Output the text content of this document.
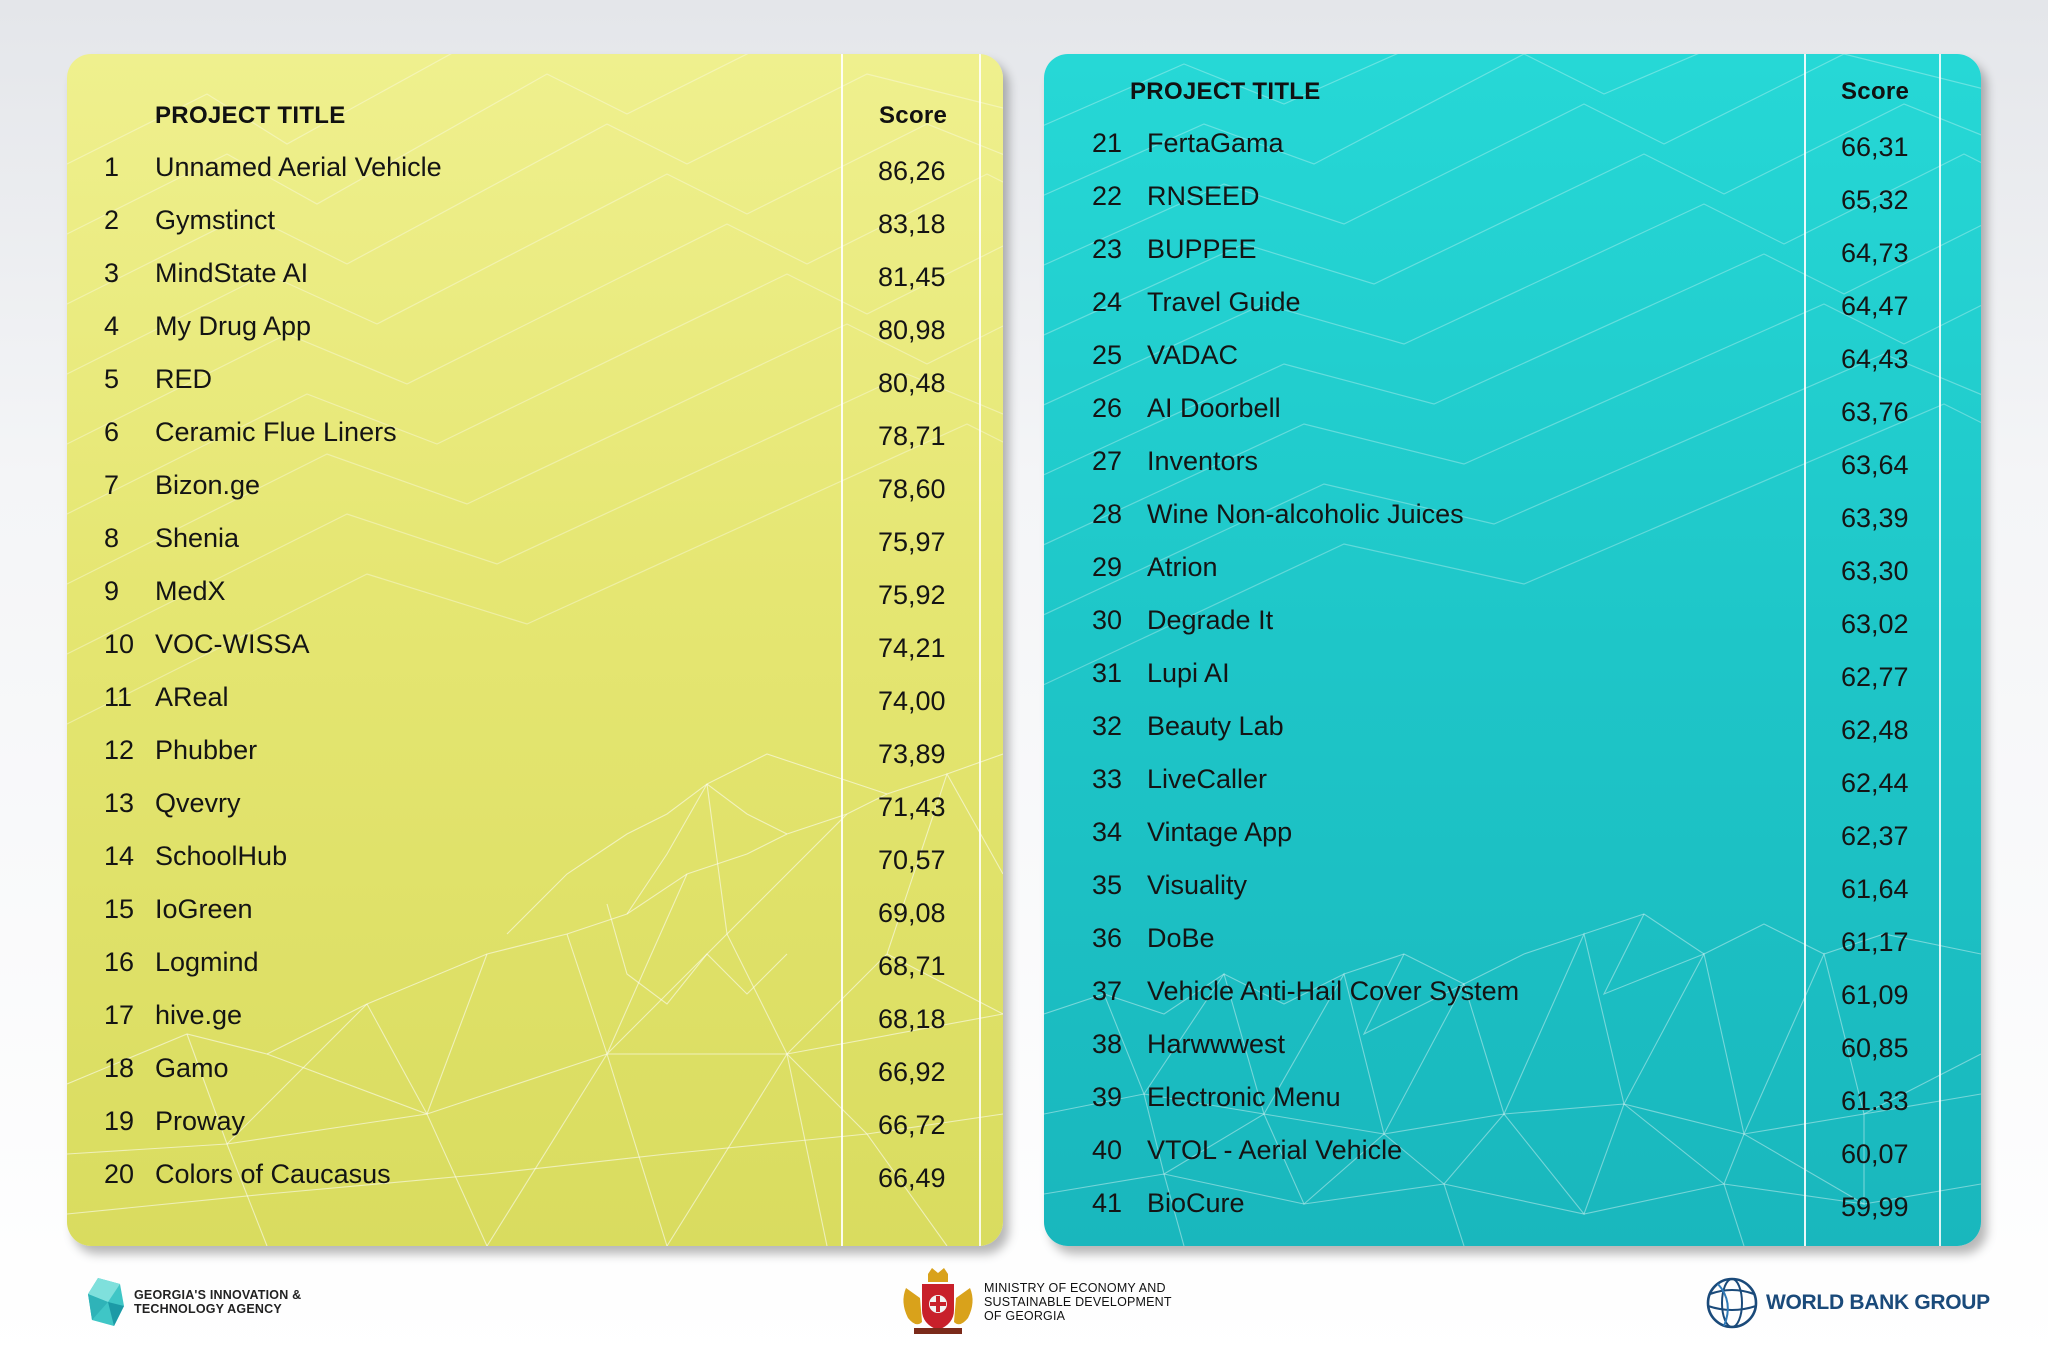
PROJECT TITLE	Score
1 Unnamed Aerial Vehicle	86,26
2 Gymstinct	83,18
3 MindState AI	81,45
4 My Drug App	80,98
5 RED	80,48
6 Ceramic Flue Liners	78,71
7 Bizon.ge	78,60
8 Shenia	75,97
9 MedX	75,92
10 VOC-WISSA	74,21
11 AReal	74,00
12 Phubber	73,89
13 Qvevry	71,43
14 SchoolHub	70,57
15 IoGreen	69,08
16 Logmind	68,71
17 hive.ge	68,18
18 Gamo	66,92
19 Proway	66,72
20 Colors of Caucasus	66,49
PROJECT TITLE	Score
21 FertaGama	66,31
22 RNSEED	65,32
23 BUPPEE	64,73
24 Travel Guide	64,47
25 VADAC	64,43
26 AI Doorbell	63,76
27 Inventors	63,64
28 Wine Non-alcoholic Juices	63,39
29 Atrion	63,30
30 Degrade It	63,02
31 Lupi AI	62,77
32 Beauty Lab	62,48
33 LiveCaller	62,44
34 Vintage App	62,37
35 Visuality	61,64
36 DoBe	61,17
37 Vehicle Anti-Hail Cover System	61,09
38 Harwwwest	60,85
39 Electronic Menu	61.33
40 VTOL - Aerial Vehicle	60,07
41 BioCure	59,99
GEORGIA'S INNOVATION &
TECHNOLOGY AGENCY
MINISTRY OF ECONOMY AND
SUSTAINABLE DEVELOPMENT
OF GEORGIA
WORLD BANK GROUP
